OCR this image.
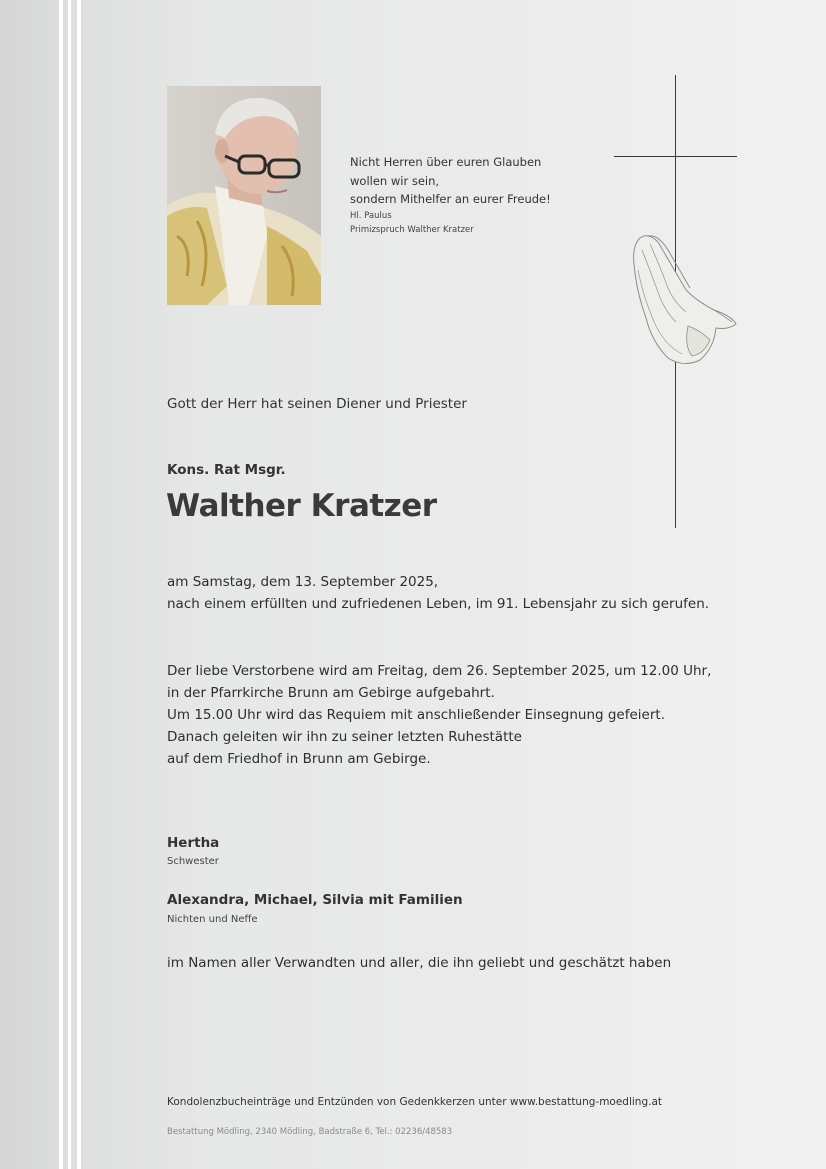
Nicht Herren über euren Glauben
wollen wir sein,
sondern Mithelfer an eurer Freude!
Hl. Paulus
Primizspruch Walther Kratzer
Gott der Herr hat seinen Diener und Priester
Kons. Rat Msgr.
Walther Kratzer
am Samstag, dem 13. September 2025,
nach einem erfüllten und zufriedenen Leben, im 91. Lebensjahr zu sich gerufen.
Der liebe Verstorbene wird am Freitag, dem 26. September 2025, um 12.00 Uhr,
in der Pfarrkirche Brunn am Gebirge aufgebahrt.
Um 15.00 Uhr wird das Requiem mit anschließender Einsegnung gefeiert.
Danach geleiten wir ihn zu seiner letzten Ruhestätte
auf dem Friedhof in Brunn am Gebirge.
Hertha
Schwester
Alexandra, Michael, Silvia mit Familien
Nichten und Neffe
im Namen aller Verwandten und aller, die ihn geliebt und geschätzt haben
Kondolenzbucheinträge und Entzünden von Gedenkkerzen unter www.bestattung-moedling.at
Bestattung Mödling, 2340 Mödling, Badstraße 6, Tel.: 02236/48583
